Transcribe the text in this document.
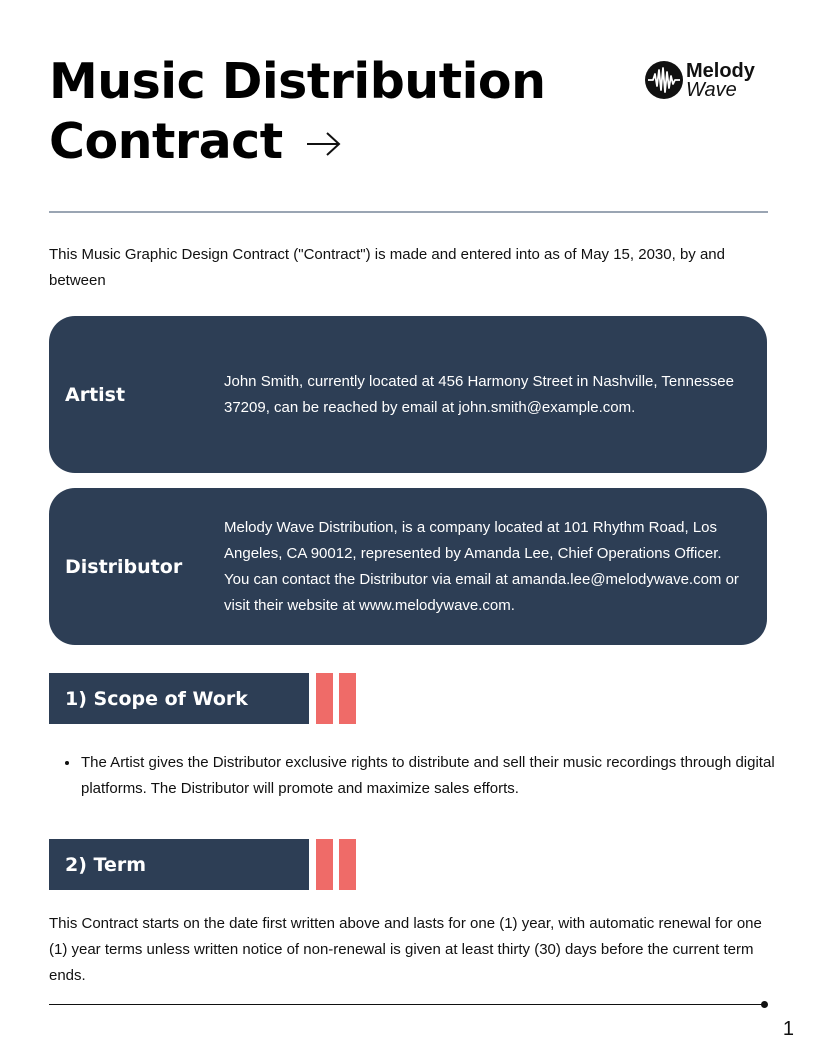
Music Distribution
Contract
Melody
Wave

This Music Graphic Design Contract ("Contract") is made and entered into as of May 15, 2030, by and between

Artist

John Smith, currently located at 456 Harmony Street in Nashville, Tennessee 37209, can be reached by email at john.smith@example.com.

Distributor

Melody Wave Distribution, is a company located at 101 Rhythm Road, Los Angeles, CA 90012, represented by Amanda Lee, Chief Operations Officer. You can contact the Distributor via email at amanda.lee@melodywave.com or visit their website at www.melodywave.com.

1) Scope of Work
• The Artist gives the Distributor exclusive rights to distribute and sell their music recordings through digital platforms. The Distributor will promote and maximize sales efforts.
2) Term

This Contract starts on the date first written above and lasts for one (1) year, with automatic renewal for one (1) year terms unless written notice of non-renewal is given at least thirty (30) days before the current term ends.

1
